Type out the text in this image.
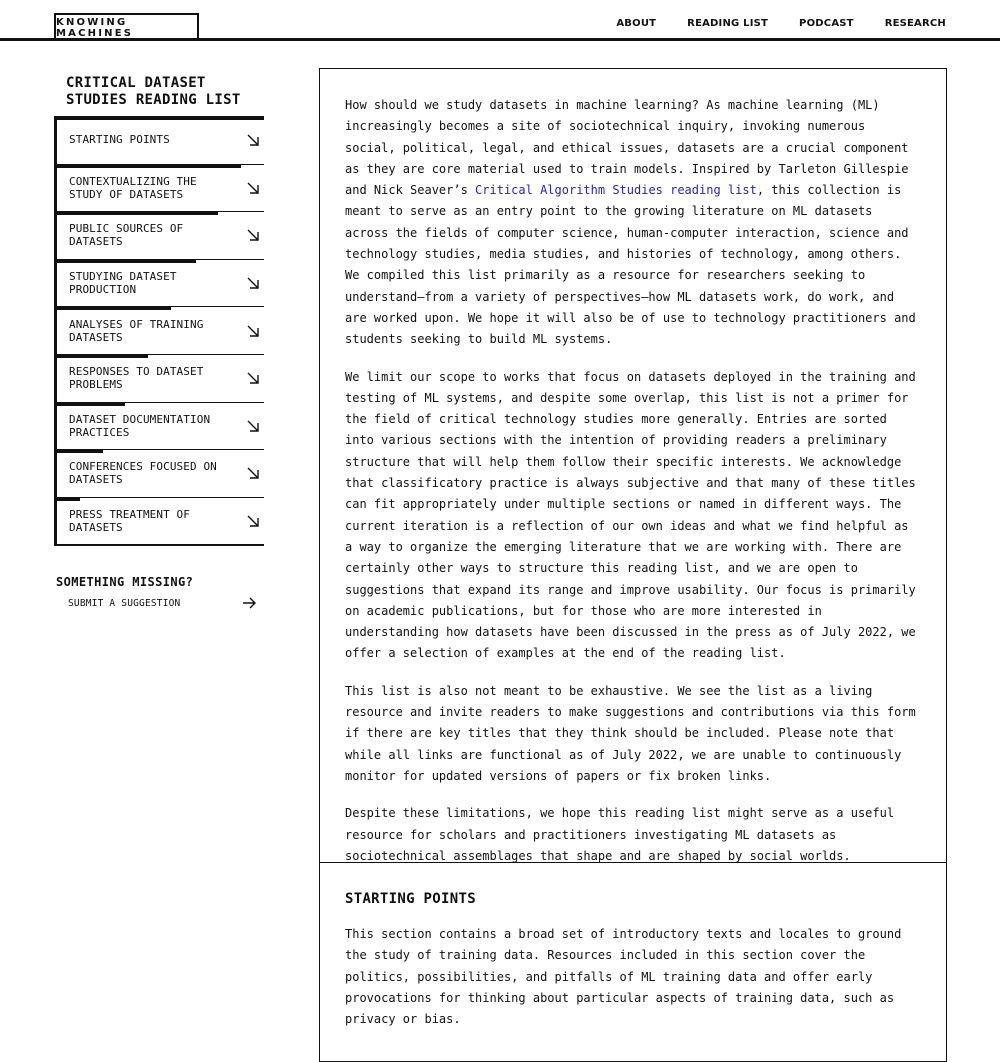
KNOWING MACHINES
ABOUT	READING LIST	PODCAST	RESEARCH
CRITICAL DATASET
STUDIES READING LIST
STARTING POINTS
CONTEXTUALIZING THE STUDY OF DATASETS
PUBLIC SOURCES OF DATASETS
STUDYING DATASET PRODUCTION
ANALYSES OF TRAINING DATASETS
RESPONSES TO DATASET PROBLEMS
DATASET DOCUMENTATION PRACTICES
CONFERENCES FOCUSED ON DATASETS
PRESS TREATMENT OF DATASETS
SOMETHING MISSING?
SUBMIT A SUGGESTION

How should we study datasets in machine learning? As machine learning (ML) increasingly becomes a site of sociotechnical inquiry, invoking numerous social, political, legal, and ethical issues, datasets are a crucial component as they are core material used to train models. Inspired by Tarleton Gillespie and Nick Seaver’s Critical Algorithm Studies reading list, this collection is meant to serve as an entry point to the growing literature on ML datasets across the fields of computer science, human-computer interaction, science and technology studies, media studies, and histories of technology, among others. We compiled this list primarily as a resource for researchers seeking to understand—from a variety of perspectives—how ML datasets work, do work, and are worked upon. We hope it will also be of use to technology practitioners and students seeking to build ML systems.

We limit our scope to works that focus on datasets deployed in the training and testing of ML systems, and despite some overlap, this list is not a primer for the field of critical technology studies more generally. Entries are sorted into various sections with the intention of providing readers a preliminary structure that will help them follow their specific interests. We acknowledge that classificatory practice is always subjective and that many of these titles can fit appropriately under multiple sections or named in different ways. The current iteration is a reflection of our own ideas and what we find helpful as a way to organize the emerging literature that we are working with. There are certainly other ways to structure this reading list, and we are open to suggestions that expand its range and improve usability. Our focus is primarily on academic publications, but for those who are more interested in understanding how datasets have been discussed in the press as of July 2022, we offer a selection of examples at the end of the reading list.

This list is also not meant to be exhaustive. We see the list as a living resource and invite readers to make suggestions and contributions via this form if there are key titles that they think should be included. Please note that while all links are functional as of July 2022, we are unable to continuously monitor for updated versions of papers or fix broken links.

Despite these limitations, we hope this reading list might serve as a useful resource for scholars and practitioners investigating ML datasets as sociotechnical assemblages that shape and are shaped by social worlds.

STARTING POINTS

This section contains a broad set of introductory texts and locales to ground the study of training data. Resources included in this section cover the politics, possibilities, and pitfalls of ML training data and offer early provocations for thinking about particular aspects of training data, such as privacy or bias.
